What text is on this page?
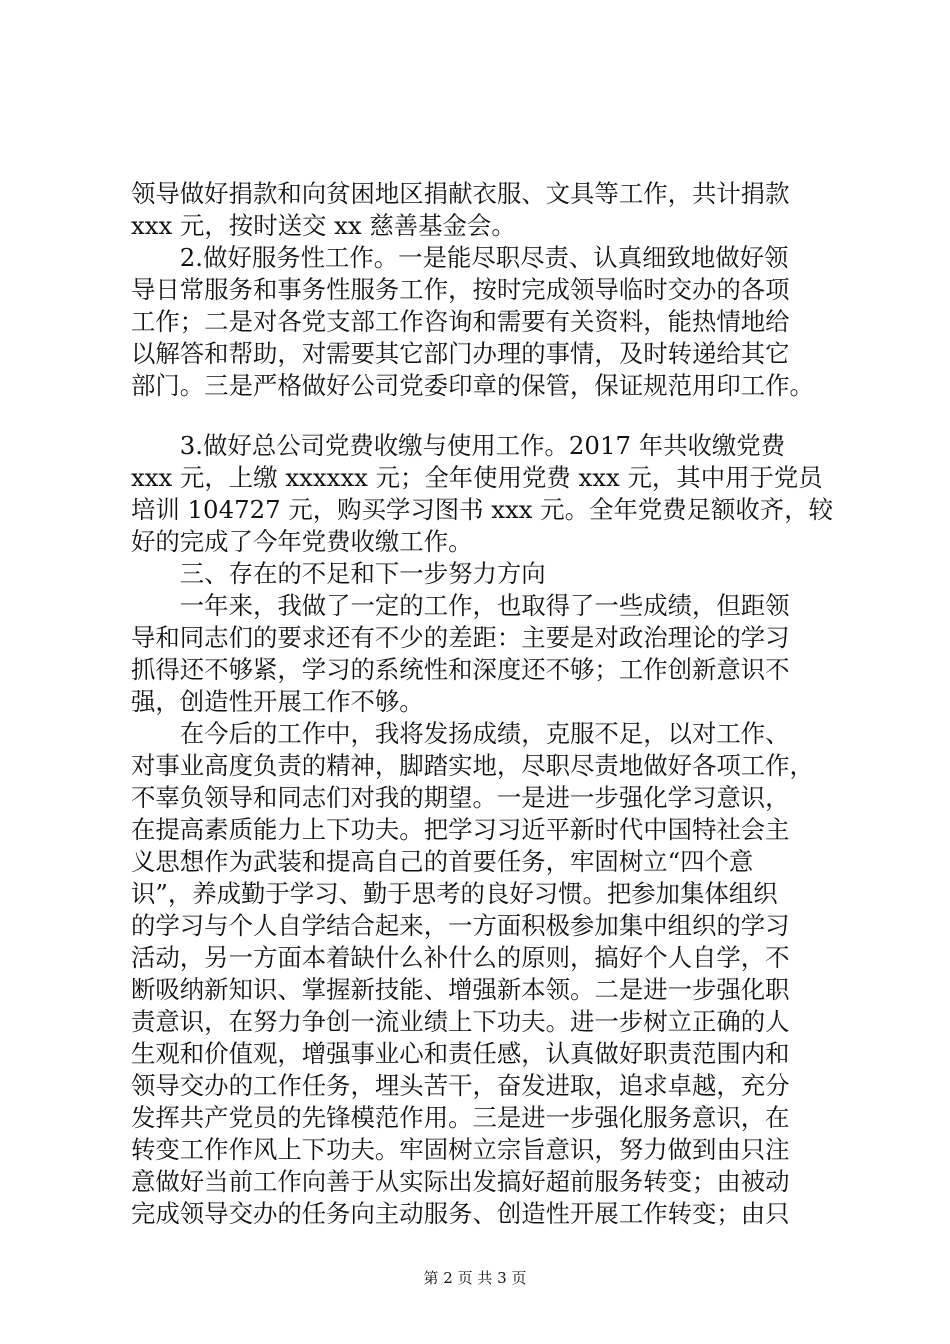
领导做好捐款和向贫困地区捐献衣服、文具等工作，共计捐款
xxx 元，按时送交 xx 慈善基金会。
　　2.做好服务性工作。一是能尽职尽责、认真细致地做好领
导日常服务和事务性服务工作，按时完成领导临时交办的各项
工作；二是对各党支部工作咨询和需要有关资料，能热情地给
以解答和帮助，对需要其它部门办理的事情，及时转递给其它
部门。三是严格做好公司党委印章的保管，保证规范用印工作。
　　3.做好总公司党费收缴与使用工作。2017 年共收缴党费
xxx 元，上缴 xxxxxx 元；全年使用党费 xxx 元，其中用于党员
培训 104727 元，购买学习图书 xxx 元。全年党费足额收齐，较
好的完成了今年党费收缴工作。
　　三、存在的不足和下一步努力方向
　　一年来，我做了一定的工作，也取得了一些成绩，但距领
导和同志们的要求还有不少的差距：主要是对政治理论的学习
抓得还不够紧，学习的系统性和深度还不够；工作创新意识不
强，创造性开展工作不够。
　　在今后的工作中，我将发扬成绩，克服不足，以对工作、
对事业高度负责的精神，脚踏实地，尽职尽责地做好各项工作，
不辜负领导和同志们对我的期望。一是进一步强化学习意识，
在提高素质能力上下功夫。把学习习近平新时代中国特社会主
义思想作为武装和提高自己的首要任务，牢固树立“四个意
识”，养成勤于学习、勤于思考的良好习惯。把参加集体组织
的学习与个人自学结合起来，一方面积极参加集中组织的学习
活动，另一方面本着缺什么补什么的原则，搞好个人自学，不
断吸纳新知识、掌握新技能、增强新本领。二是进一步强化职
责意识，在努力争创一流业绩上下功夫。进一步树立正确的人
生观和价值观，增强事业心和责任感，认真做好职责范围内和
领导交办的工作任务，埋头苦干，奋发进取，追求卓越，充分
发挥共产党员的先锋模范作用。三是进一步强化服务意识，在
转变工作作风上下功夫。牢固树立宗旨意识，努力做到由只注
意做好当前工作向善于从实际出发搞好超前服务转变；由被动
完成领导交办的任务向主动服务、创造性开展工作转变；由只
第 2 页 共 3 页
